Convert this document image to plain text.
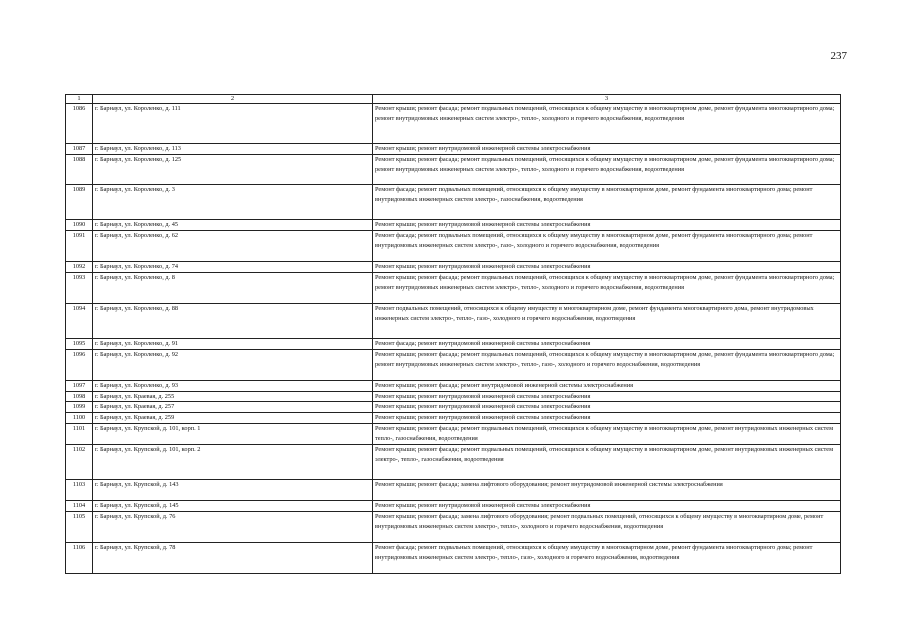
237
1	2	3
1086	г. Барнаул, ул. Короленко, д. 111	Ремонт крыши; ремонт фасада; ремонт подвальных помещений, относящихся к общему имуществу в многоквартирном доме, ремонт фундамента многоквартирного дома; ремонт внутридомовых инженерных систем электро-, тепло-, холодного и горячего водоснабжения, водоотведения
1087	г. Барнаул, ул. Короленко, д. 113	Ремонт крыши; ремонт внутридомовой инженерной системы электроснабжения
1088	г. Барнаул, ул. Короленко, д. 125	Ремонт крыши; ремонт фасада; ремонт подвальных помещений, относящихся к общему имуществу в многоквартирном доме, ремонт фундамента многоквартирного дома; ремонт внутридомовых инженерных систем электро-, тепло-, холодного и горячего водоснабжения, водоотведения
1089	г. Барнаул, ул. Короленко, д. 3	Ремонт фасада; ремонт подвальных помещений, относящихся к общему имуществу в многоквартирном доме, ремонт фундамента многоквартирного дома; ремонт внутридомовых инженерных систем электро-, газоснабжения, водоотведения
1090	г. Барнаул, ул. Короленко, д. 45	Ремонт крыши; ремонт внутридомовой инженерной системы электроснабжения
1091	г. Барнаул, ул. Короленко, д. 62	Ремонт фасада; ремонт подвальных помещений, относящихся к общему имуществу в многоквартирном доме, ремонт фундамента многоквартирного дома; ремонт внутридомовых инженерных систем электро-, газо-, холодного и горячего водоснабжения, водоотведения
1092	г. Барнаул, ул. Короленко, д. 74	Ремонт крыши; ремонт внутридомовой инженерной системы электроснабжения
1093	г. Барнаул, ул. Короленко, д. 8	Ремонт крыши; ремонт фасада; ремонт подвальных помещений, относящихся к общему имуществу в многоквартирном доме, ремонт фундамента многоквартирного дома; ремонт внутридомовых инженерных систем электро-, тепло-, холодного и горячего водоснабжения, водоотведения
1094	г. Барнаул, ул. Короленко, д. 88	Ремонт подвальных помещений, относящихся к общему имуществу в многоквартирном доме, ремонт фундамента многоквартирного дома, ремонт внутридомовых инженерных систем электро-, тепло-, газо-, холодного и горячего водоснабжения, водоотведения
1095	г. Барнаул, ул. Короленко, д. 91	Ремонт фасада; ремонт внутридомовой инженерной системы электроснабжения
1096	г. Барнаул, ул. Короленко, д. 92	Ремонт крыши; ремонт фасада; ремонт подвальных помещений, относящихся к общему имуществу в многоквартирном доме, ремонт фундамента многоквартирного дома; ремонт внутридомовых инженерных систем электро-, тепло-, газо-, холодного и горячего водоснабжения, водоотведения
1097	г. Барнаул, ул. Короленко, д. 93	Ремонт крыши; ремонт фасада; ремонт внутридомовой инженерной системы электроснабжения
1098	г. Барнаул, ул. Краевая, д. 255	Ремонт крыши; ремонт внутридомовой инженерной системы электроснабжения
1099	г. Барнаул, ул. Краевая, д. 257	Ремонт крыши; ремонт внутридомовой инженерной системы электроснабжения
1100	г. Барнаул, ул. Краевая, д. 259	Ремонт крыши; ремонт внутридомовой инженерной системы электроснабжения
1101	г. Барнаул, ул. Крупской, д. 101, корп. 1	Ремонт крыши; ремонт фасада; ремонт подвальных помещений, относящихся к общему имуществу в многоквартирном доме, ремонт внутридомовых инженерных систем тепло-, газоснабжения, водоотведения
1102	г. Барнаул, ул. Крупской, д. 101, корп. 2	Ремонт крыши; ремонт фасада; ремонт подвальных помещений, относящихся к общему имуществу в многоквартирном доме, ремонт внутридомовых инженерных систем электро-, тепло-, газоснабжения, водоотведения
1103	г. Барнаул, ул. Крупской, д. 143	Ремонт крыши; ремонт фасада; замена лифтового оборудования; ремонт внутридомовой инженерной системы электроснабжения
1104	г. Барнаул, ул. Крупской, д. 145	Ремонт крыши; ремонт внутридомовой инженерной системы электроснабжения
1105	г. Барнаул, ул. Крупской, д. 76	Ремонт крыши; ремонт фасада; замена лифтового оборудования; ремонт подвальных помещений, относящихся к общему имуществу в многоквартирном доме, ремонт внутридомовых инженерных систем электро-, тепло-, холодного и горячего водоснабжения, водоотведения
1106	г. Барнаул, ул. Крупской, д. 78	Ремонт фасада; ремонт подвальных помещений, относящихся к общему имуществу в многоквартирном доме, ремонт фундамента многоквартирного дома; ремонт внутридомовых инженерных систем электро-, тепло-, газо-, холодного и горячего водоснабжения, водоотведения
